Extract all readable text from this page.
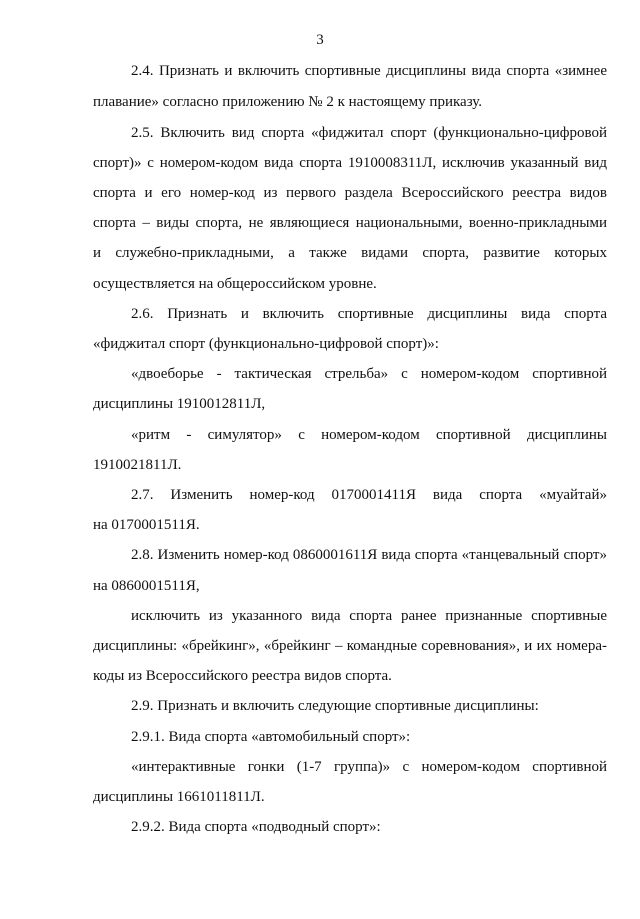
3
2.4. Признать и включить спортивные дисциплины вида спорта «зимнее
плавание» согласно приложению № 2 к настоящему приказу.
2.5. Включить вид спорта «фиджитал спорт (функционально-цифровой
спорт)» с номером-кодом вида спорта 1910008311Л, исключив указанный вид
спорта и его номер-код из первого раздела Всероссийского реестра видов
спорта – виды спорта, не являющиеся национальными, военно-прикладными
и служебно-прикладными, а также видами спорта, развитие которых
осуществляется на общероссийском уровне.
2.6. Признать и включить спортивные дисциплины вида спорта
«фиджитал спорт (функционально-цифровой спорт)»:
«двоеборье - тактическая стрельба» с номером-кодом спортивной
дисциплины 1910012811Л,
«ритм - симулятор» с номером-кодом спортивной дисциплины
1910021811Л.
2.7. Изменить номер-код 0170001411Я вида спорта «муайтай»
на 0170001511Я.
2.8. Изменить номер-код 0860001611Я вида спорта «танцевальный спорт»
на 0860001511Я,
исключить из указанного вида спорта ранее признанные спортивные
дисциплины: «брейкинг», «брейкинг – командные соревнования», и их номера-
коды из Всероссийского реестра видов спорта.
2.9. Признать и включить следующие спортивные дисциплины:
2.9.1. Вида спорта «автомобильный спорт»:
«интерактивные гонки (1-7 группа)» с номером-кодом спортивной
дисциплины 1661011811Л.
2.9.2. Вида спорта «подводный спорт»:
